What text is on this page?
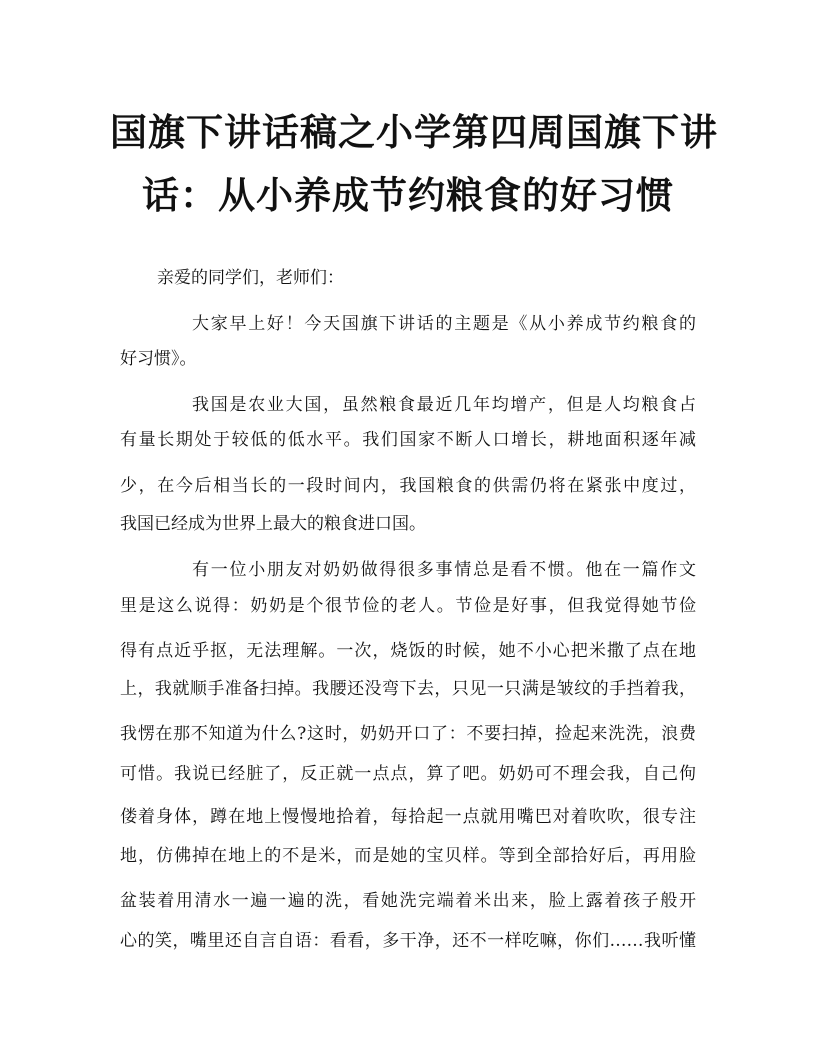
国旗下讲话稿之小学第四周国旗下讲
话：从小养成节约粮食的好习惯
亲爱的同学们，老师们：
大家早上好！今天国旗下讲话的主题是《从小养成节约粮食的
好习惯》。
我国是农业大国，虽然粮食最近几年均增产，但是人均粮食占
有量长期处于较低的低水平。我们国家不断人口增长，耕地面积逐年减
少，在今后相当长的一段时间内，我国粮食的供需仍将在紧张中度过，
我国已经成为世界上最大的粮食进口国。
有一位小朋友对奶奶做得很多事情总是看不惯。他在一篇作文
里是这么说得：奶奶是个很节俭的老人。节俭是好事，但我觉得她节俭
得有点近乎抠，无法理解。一次，烧饭的时候，她不小心把米撒了点在地
上，我就顺手准备扫掉。我腰还没弯下去，只见一只满是皱纹的手挡着我，
我愣在那不知道为什么?这时，奶奶开口了：不要扫掉，捡起来洗洗，浪费
可惜。我说已经脏了，反正就一点点，算了吧。奶奶可不理会我，自己佝
偻着身体，蹲在地上慢慢地拾着，每拾起一点就用嘴巴对着吹吹，很专注
地，仿佛掉在地上的不是米，而是她的宝贝样。等到全部拾好后，再用脸
盆装着用清水一遍一遍的洗，看她洗完端着米出来，脸上露着孩子般开
心的笑，嘴里还自言自语：看看，多干净，还不一样吃嘛，你们……我听懂
